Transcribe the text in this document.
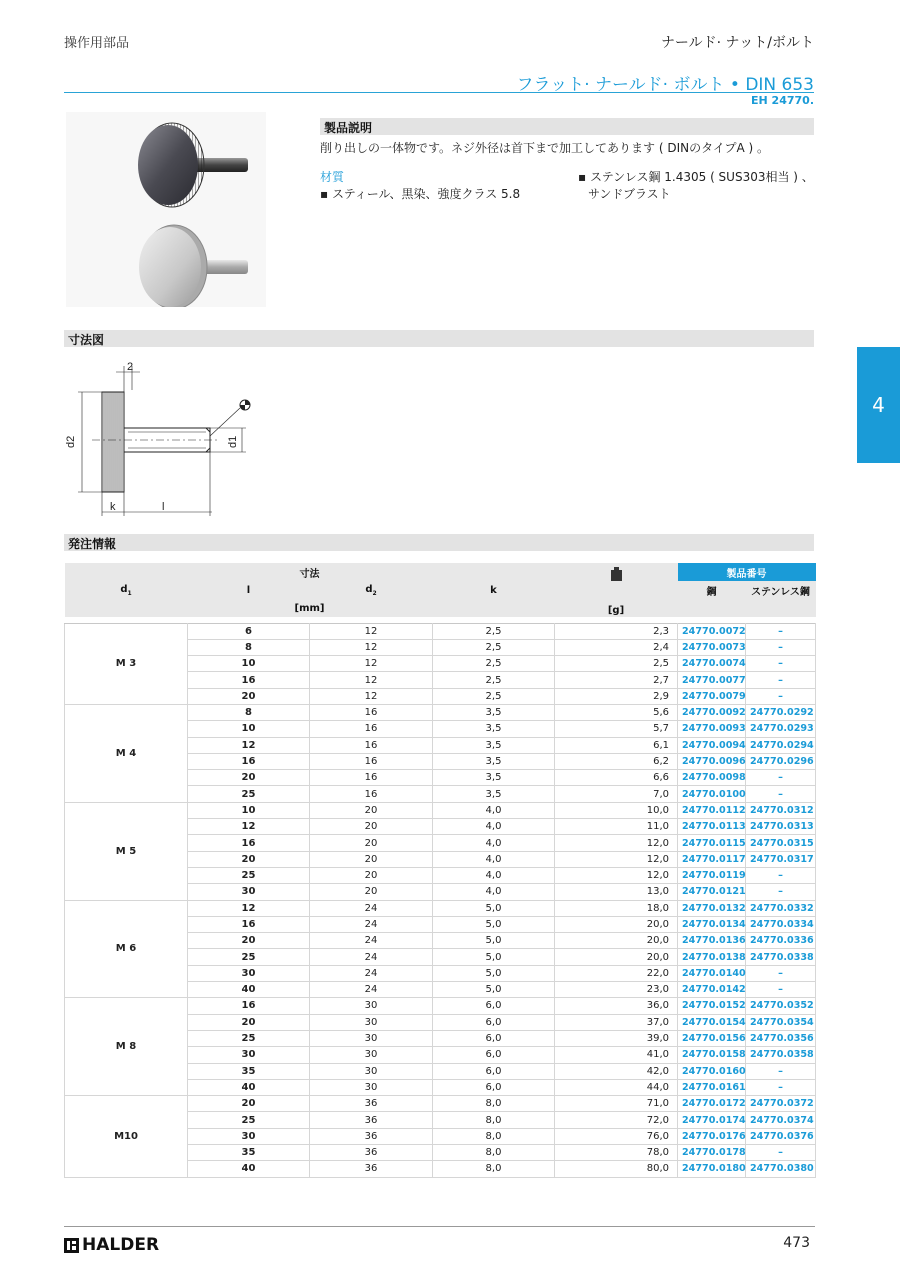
操作用部品	ナールド· ナット/ボルト
フラット· ナールド· ボルト • DIN 653
EH 24770.
製品説明
削り出しの一体物です。ネジ外径は首下まで加工してあります ( DINのタイプA ) 。
材質
▪ スティール、黒染、強度クラス 5.8
▪ ステンレス鋼 1.4305 ( SUS303相当 ) 、
サンドブラスト
寸法図
2
d2	d1
k	l
4
発注情報
寸法				[g]	製品番号	
$d_1$	l	$d_2$	k		鋼	ステンレス鋼
[mm]						

M 3	6	12	2,5	2,3	24770.0072	–
	8	12	2,5	2,4	24770.0073	–
	10	12	2,5	2,5	24770.0074	–
	16	12	2,5	2,7	24770.0077	–
	20	12	2,5	2,9	24770.0079	–
M 4	8	16	3,5	5,6	24770.0092	24770.0292
	10	16	3,5	5,7	24770.0093	24770.0293
	12	16	3,5	6,1	24770.0094	24770.0294
	16	16	3,5	6,2	24770.0096	24770.0296
	20	16	3,5	6,6	24770.0098	–
	25	16	3,5	7,0	24770.0100	–
M 5	10	20	4,0	10,0	24770.0112	24770.0312
	12	20	4,0	11,0	24770.0113	24770.0313
	16	20	4,0	12,0	24770.0115	24770.0315
	20	20	4,0	12,0	24770.0117	24770.0317
	25	20	4,0	12,0	24770.0119	–
	30	20	4,0	13,0	24770.0121	–
M 6	12	24	5,0	18,0	24770.0132	24770.0332
	16	24	5,0	20,0	24770.0134	24770.0334
	20	24	5,0	20,0	24770.0136	24770.0336
	25	24	5,0	20,0	24770.0138	24770.0338
	30	24	5,0	22,0	24770.0140	–
	40	24	5,0	23,0	24770.0142	–
M 8	16	30	6,0	36,0	24770.0152	24770.0352
	20	30	6,0	37,0	24770.0154	24770.0354
	25	30	6,0	39,0	24770.0156	24770.0356
	30	30	6,0	41,0	24770.0158	24770.0358
	35	30	6,0	42,0	24770.0160	–
	40	30	6,0	44,0	24770.0161	–
M10	20	36	8,0	71,0	24770.0172	24770.0372
	25	36	8,0	72,0	24770.0174	24770.0374
	30	36	8,0	76,0	24770.0176	24770.0376
	35	36	8,0	78,0	24770.0178	–
	40	36	8,0	80,0	24770.0180	24770.0380
HALDER	473
